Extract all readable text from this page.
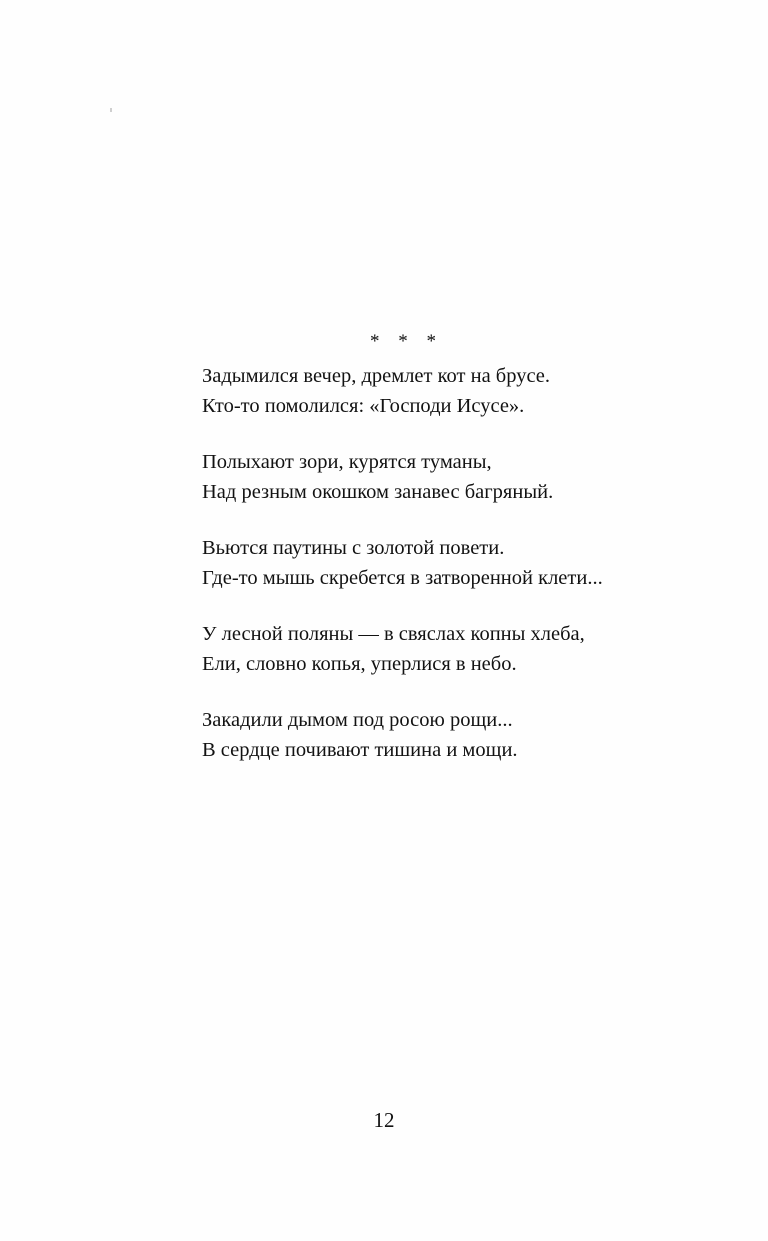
* * *
Задымился вечер, дремлет кот на брусе.
Кто-то помолился: «Господи Исусе».
Полыхают зори, курятся туманы,
Над резным окошком занавес багряный.
Вьются паутины с золотой повети.
Где-то мышь скребется в затворенной клети...
У лесной поляны — в свяслах копны хлеба,
Ели, словно копья, уперлися в небо.
Закадили дымом под росою рощи...
В сердце почивают тишина и мощи.
12
